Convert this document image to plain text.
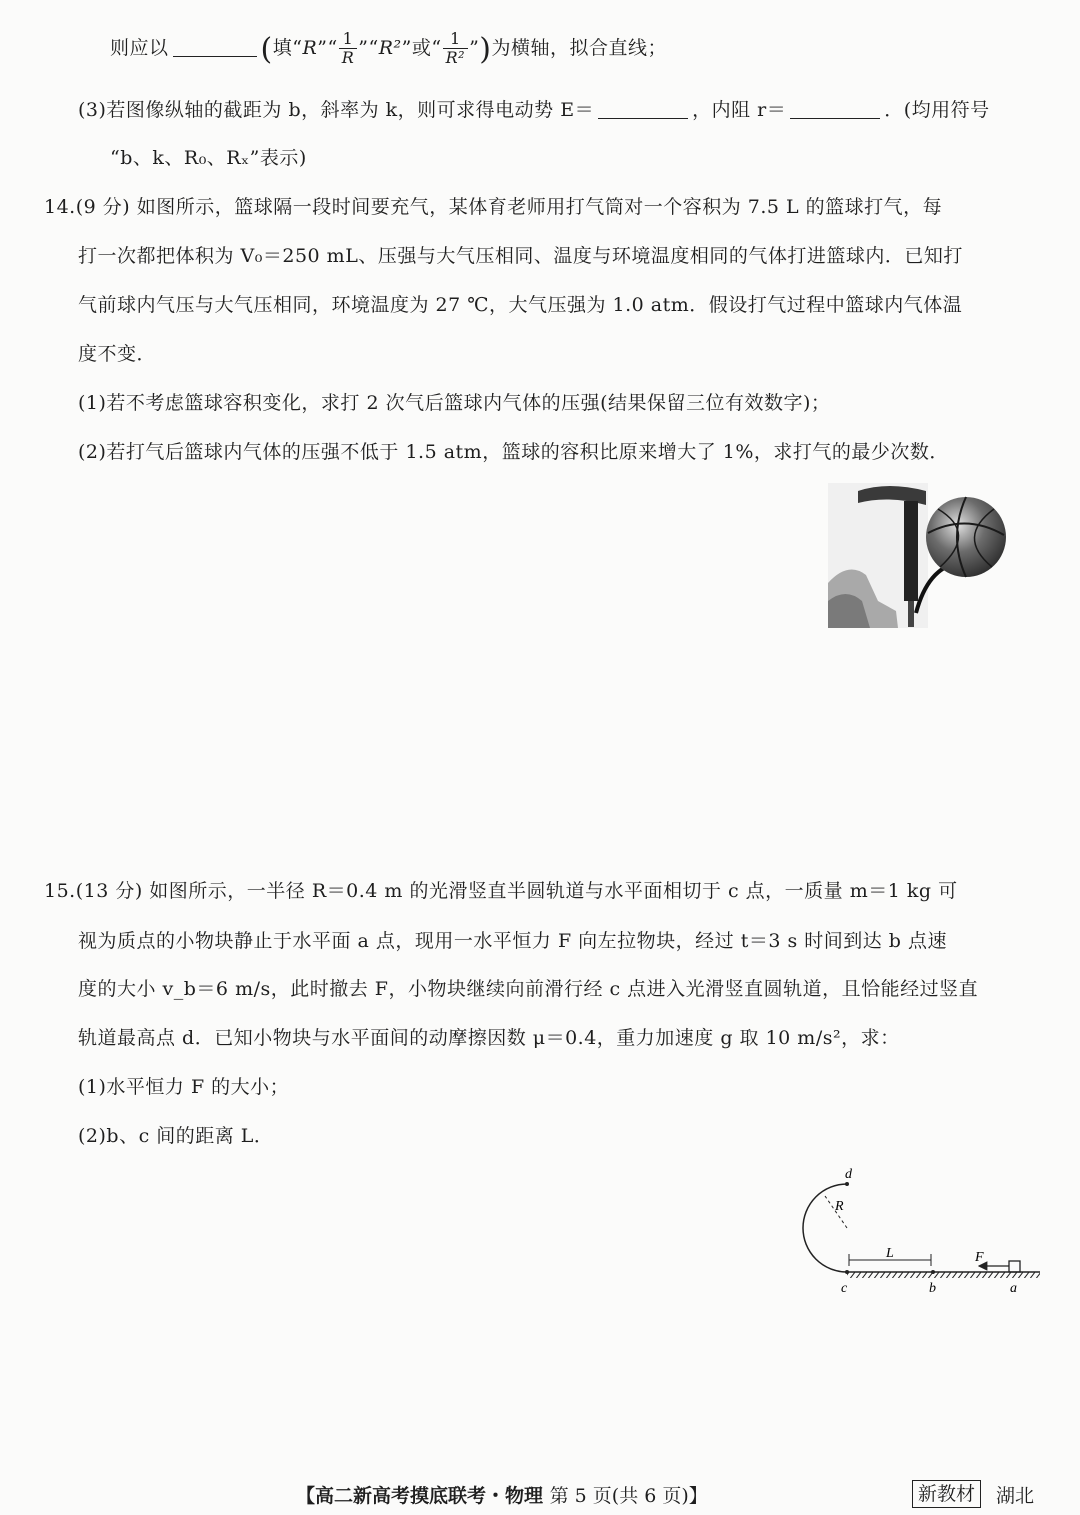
则应以	(填“R”“ $\frac{1}{R}$ ”“R²”或“ $\frac{1}{\text{R²}}$ ”)为横轴，拟合直线；
(3)若图像纵轴的截距为 b，斜率为 k，则可求得电动势 E＝	，内阻 r＝	．(均用符号
“b、k、R₀、Rₓ”表示)
14.(9 分) 如图所示，篮球隔一段时间要充气，某体育老师用打气筒对一个容积为 7.5 L 的篮球打气，每
打一次都把体积为 V₀＝250 mL、压强与大气压相同、温度与环境温度相同的气体打进篮球内．已知打
气前球内气压与大气压相同，环境温度为 27 ℃，大气压强为 1.0 atm．假设打气过程中篮球内气体温
度不变．
(1)若不考虑篮球容积变化，求打 2 次气后篮球内气体的压强(结果保留三位有效数字)；
(2)若打气后篮球内气体的压强不低于 1.5 atm，篮球的容积比原来增大了 1%，求打气的最少次数．
15.(13 分) 如图所示，一半径 R＝0.4 m 的光滑竖直半圆轨道与水平面相切于 c 点，一质量 m＝1 kg 可
视为质点的小物块静止于水平面 a 点，现用一水平恒力 F 向左拉物块，经过 t＝3 s 时间到达 b 点速
度的大小 v_b＝6 m/s，此时撤去 F，小物块继续向前滑行经 c 点进入光滑竖直圆轨道，且恰能经过竖直
轨道最高点 d．已知小物块与水平面间的动摩擦因数 μ＝0.4，重力加速度 g 取 10 m/s²，求：
(1)水平恒力 F 的大小；
(2)b、c 间的距离 L．
d
R
L	F
c	b	a
【高二新高考摸底联考・物理 第 5 页(共 6 页)】	新教材	湖北
